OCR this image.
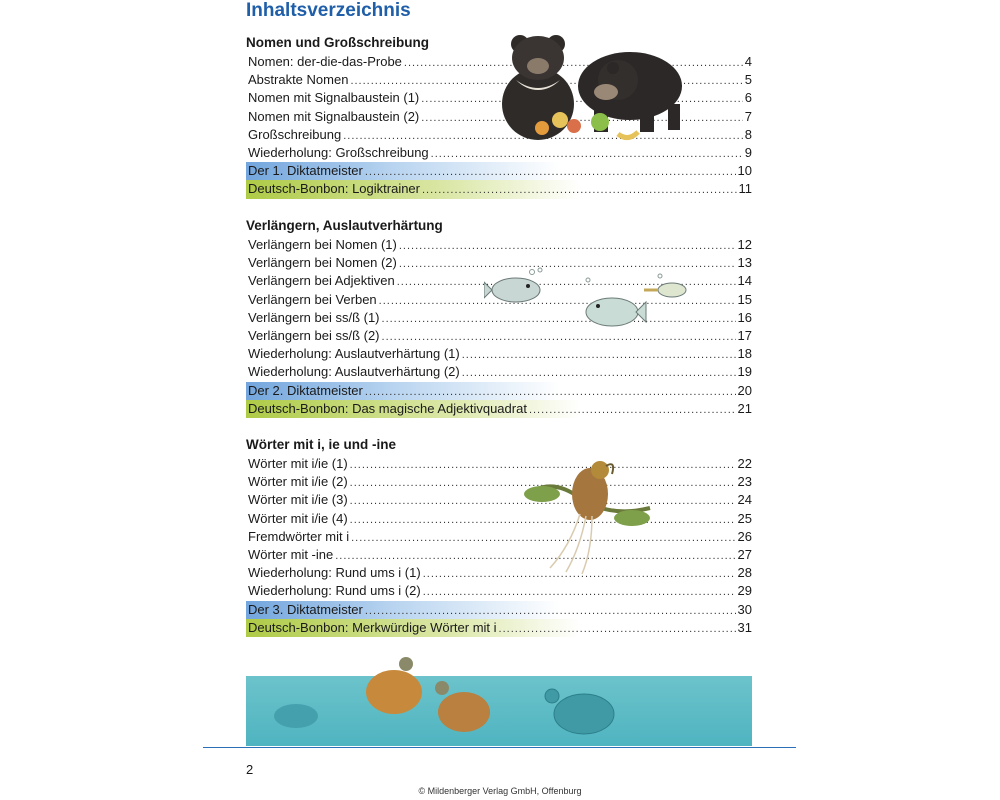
Inhaltsverzeichnis
Nomen und Großschreibung
Nomen: der-die-das-Probe .....	4
Abstrakte Nomen .....	5
Nomen mit Signalbaustein (1) .....	6
Nomen mit Signalbaustein (2) .....	7
Großschreibung .....	8
Wiederholung: Großschreibung .....	9
Der 1. Diktatmeister .....	10
Deutsch-Bonbon: Logiktrainer .....	11
Verlängern, Auslautverhärtung
Verlängern bei Nomen (1) .....	12
Verlängern bei Nomen (2) .....	13
Verlängern bei Adjektiven .....	14
Verlängern bei Verben .....	15
Verlängern bei ss/ß (1) .....	16
Verlängern bei ss/ß (2) .....	17
Wiederholung: Auslautverhärtung (1) .....	18
Wiederholung: Auslautverhärtung (2) .....	19
Der 2. Diktatmeister .....	20
Deutsch-Bonbon: Das magische Adjektivquadrat .....	21
Wörter mit i, ie und -ine
Wörter mit i/ie (1) .....	22
Wörter mit i/ie (2) .....	23
Wörter mit i/ie (3) .....	24
Wörter mit i/ie (4) .....	25
Fremdwörter mit i .....	26
Wörter mit -ine .....	27
Wiederholung: Rund ums i (1) .....	28
Wiederholung: Rund ums i (2) .....	29
Der 3. Diktatmeister .....	30
Deutsch-Bonbon: Merkwürdige Wörter mit i .....	31
2
© Mildenberger Verlag GmbH, Offenburg
